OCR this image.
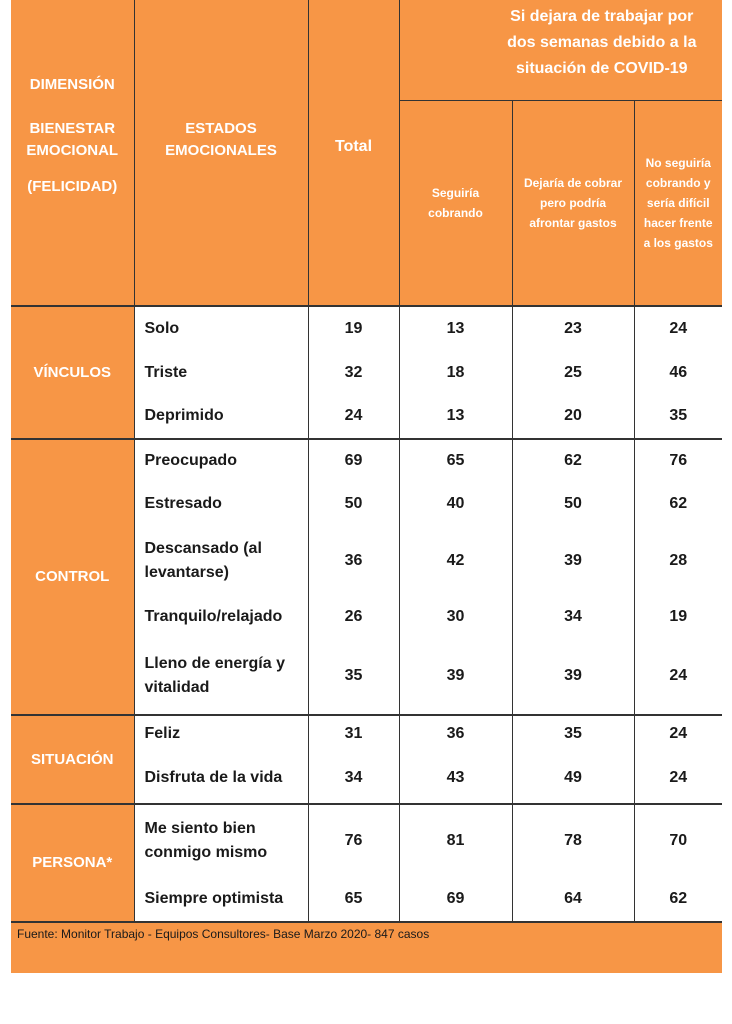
DIMENSIÓN
BIENESTAR EMOCIONAL
(FELICIDAD)	ESTADOS EMOCIONALES	Total	Si dejara de trabajar por dos semanas debido a la situación de COVID-19		
			Seguiría cobrando	Dejaría de cobrar pero podría afrontar gastos	No seguiría cobrando y sería difícil hacer frente a los gastos
VÍNCULOS	Solo	19	13	23	24
	Triste	32	18	25	46
	Deprimido	24	13	20	35
CONTROL	Preocupado	69	65	62	76
	Estresado	50	40	50	62
	Descansado (al levantarse)	36	42	39	28
	Tranquilo/relajado	26	30	34	19
	Lleno de energía y vitalidad	35	39	39	24
SITUACIÓN	Feliz	31	36	35	24
	Disfruta de la vida	34	43	49	24
PERSONA*	Me siento bien conmigo mismo	76	81	78	70
	Siempre optimista	65	69	64	62
Fuente: Monitor Trabajo - Equipos Consultores- Base Marzo 2020- 847 casos					
